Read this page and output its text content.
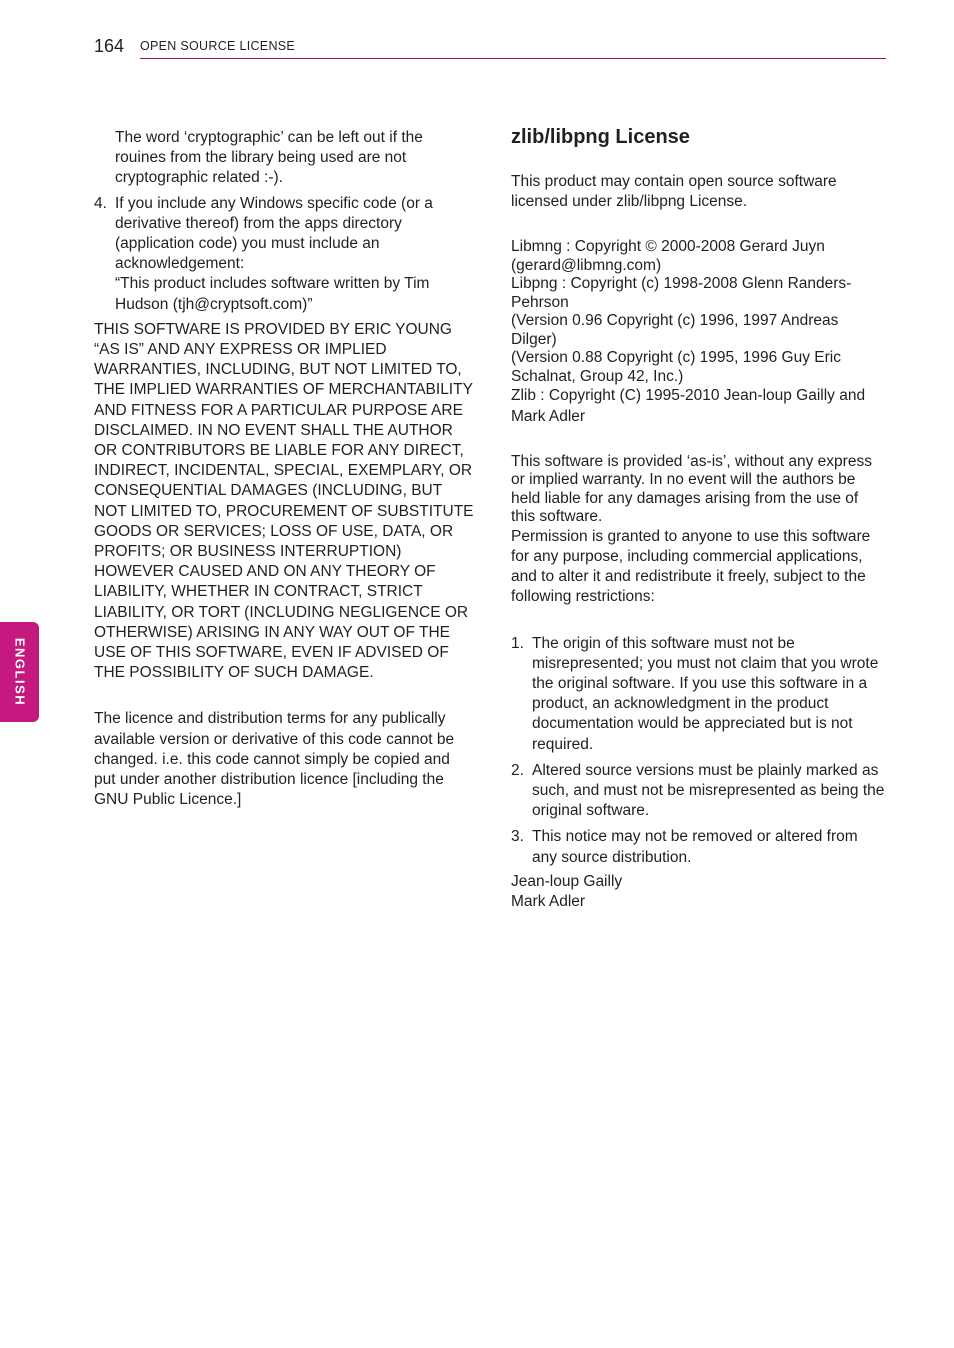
164 OPEN SOURCE LICENSE
ENGLISH

The word ‘cryptographic’ can be left out if the rouines from the library being used are not cryptographic related :-).

4. If you include any Windows specific code (or a derivative thereof) from the apps directory (application code) you must include an acknowledgement:

“This product includes software written by Tim Hudson (tjh@cryptsoft.com)”

THIS SOFTWARE IS PROVIDED BY ERIC YOUNG “AS IS” AND ANY EXPRESS OR IMPLIED WARRANTIES, INCLUDING, BUT NOT LIMITED TO, THE IMPLIED WARRANTIES OF MERCHANTABILITY AND FITNESS FOR A PARTICULAR PURPOSE ARE DISCLAIMED. IN NO EVENT SHALL THE AUTHOR OR CONTRIBUTORS BE LIABLE FOR ANY DIRECT, INDIRECT, INCIDENTAL, SPECIAL, EXEMPLARY, OR CONSEQUENTIAL DAMAGES (INCLUDING, BUT NOT LIMITED TO, PROCUREMENT OF SUBSTITUTE GOODS OR SERVICES; LOSS OF USE, DATA, OR PROFITS; OR BUSINESS INTERRUPTION) HOWEVER CAUSED AND ON ANY THEORY OF LIABILITY, WHETHER IN CONTRACT, STRICT LIABILITY, OR TORT (INCLUDING NEGLIGENCE OR OTHERWISE) ARISING IN ANY WAY OUT OF THE USE OF THIS SOFTWARE, EVEN IF ADVISED OF THE POSSIBILITY OF SUCH DAMAGE.

The licence and distribution terms for any publically available version or derivative of this code cannot be changed. i.e. this code cannot simply be copied and put under another distribution licence [including the GNU Public Licence.]

zlib/libpng License

This product may contain open source software licensed under zlib/libpng License.

Libmng : Copyright © 2000-2008 Gerard Juyn (gerard@libmng.com)

Libpng : Copyright (c) 1998-2008 Glenn Randers-Pehrson

(Version 0.96 Copyright (c) 1996, 1997 Andreas Dilger)

(Version 0.88 Copyright (c) 1995, 1996 Guy Eric Schalnat, Group 42, Inc.)

Zlib : Copyright (C) 1995-2010 Jean-loup Gailly and Mark Adler

This software is provided ‘as-is’, without any express or implied warranty. In no event will the authors be held liable for any damages arising from the use of this software.

Permission is granted to anyone to use this software for any purpose, including commercial applications, and to alter it and redistribute it freely, subject to the following restrictions:

1. The origin of this software must not be misrepresented; you must not claim that you wrote the original software. If you use this software in a product, an acknowledgment in the product documentation would be appreciated but is not required.

2. Altered source versions must be plainly marked as such, and must not be misrepresented as being the original software.

3. This notice may not be removed or altered from any source distribution.

Jean-loup Gailly

Mark Adler
